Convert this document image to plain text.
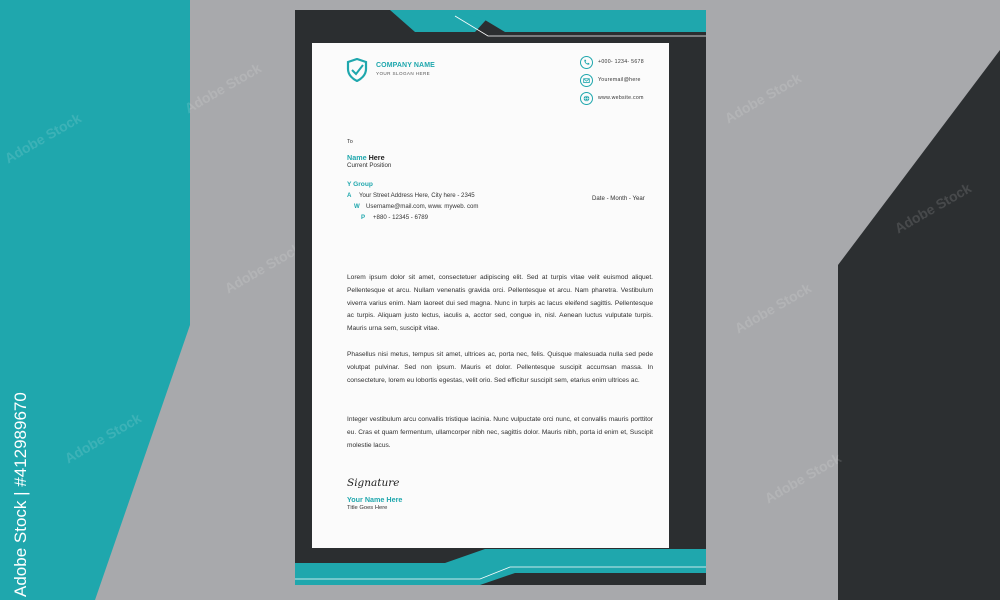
Adobe Stock
Adobe Stock
Adobe Stock
Adobe Stock
Adobe Stock
COMPANY NAME
YOUR SLOGAN HERE
+000- 1234- 5678
Youremail@here
www.website.com
To
Name Here
Current Position
Y Group
A Your Street Address Here, City here - 2345
W Username@mail.com, www. myweb. com
P +880 - 12345 - 6789
Date - Month - Year

Lorem ipsum dolor sit amet, consectetuer adipiscing elit. Sed at turpis vitae velit euismod aliquet. Pellentesque et arcu. Nullam venenatis gravida orci. Pellentesque et arcu. Nam pharetra. Vestibulum viverra varius enim. Nam laoreet dui sed magna. Nunc in turpis ac lacus eleifend sagittis. Pellentesque ac turpis. Aliquam justo lectus, iaculis a, acctor sed, congue in, nisl. Aenean luctus vulputate turpis. Mauris urna sem, suscipit vitae.

Phasellus nisi metus, tempus sit amet, ultrices ac, porta nec, felis. Quisque malesuada nulla sed pede volutpat pulvinar. Sed non ipsum. Mauris et dolor. Pellentesque suscipit accumsan massa. In consecteture, lorem eu lobortis egestas, velit orio. Sed efficitur suscipit sem, etarius enim ultrices ac.

Integer vestibulum arcu convallis tristique lacinia. Nunc vulpuctate orci nunc, et convallis mauris porttitor eu. Cras et quam fermentum, ullamcorper nibh nec, sagittis dolor. Mauris nibh, porta id enim et, Suscipit molestie lacus.

Signature
Your Name Here
Title Goes Here
Adobe Stock | #412989670
